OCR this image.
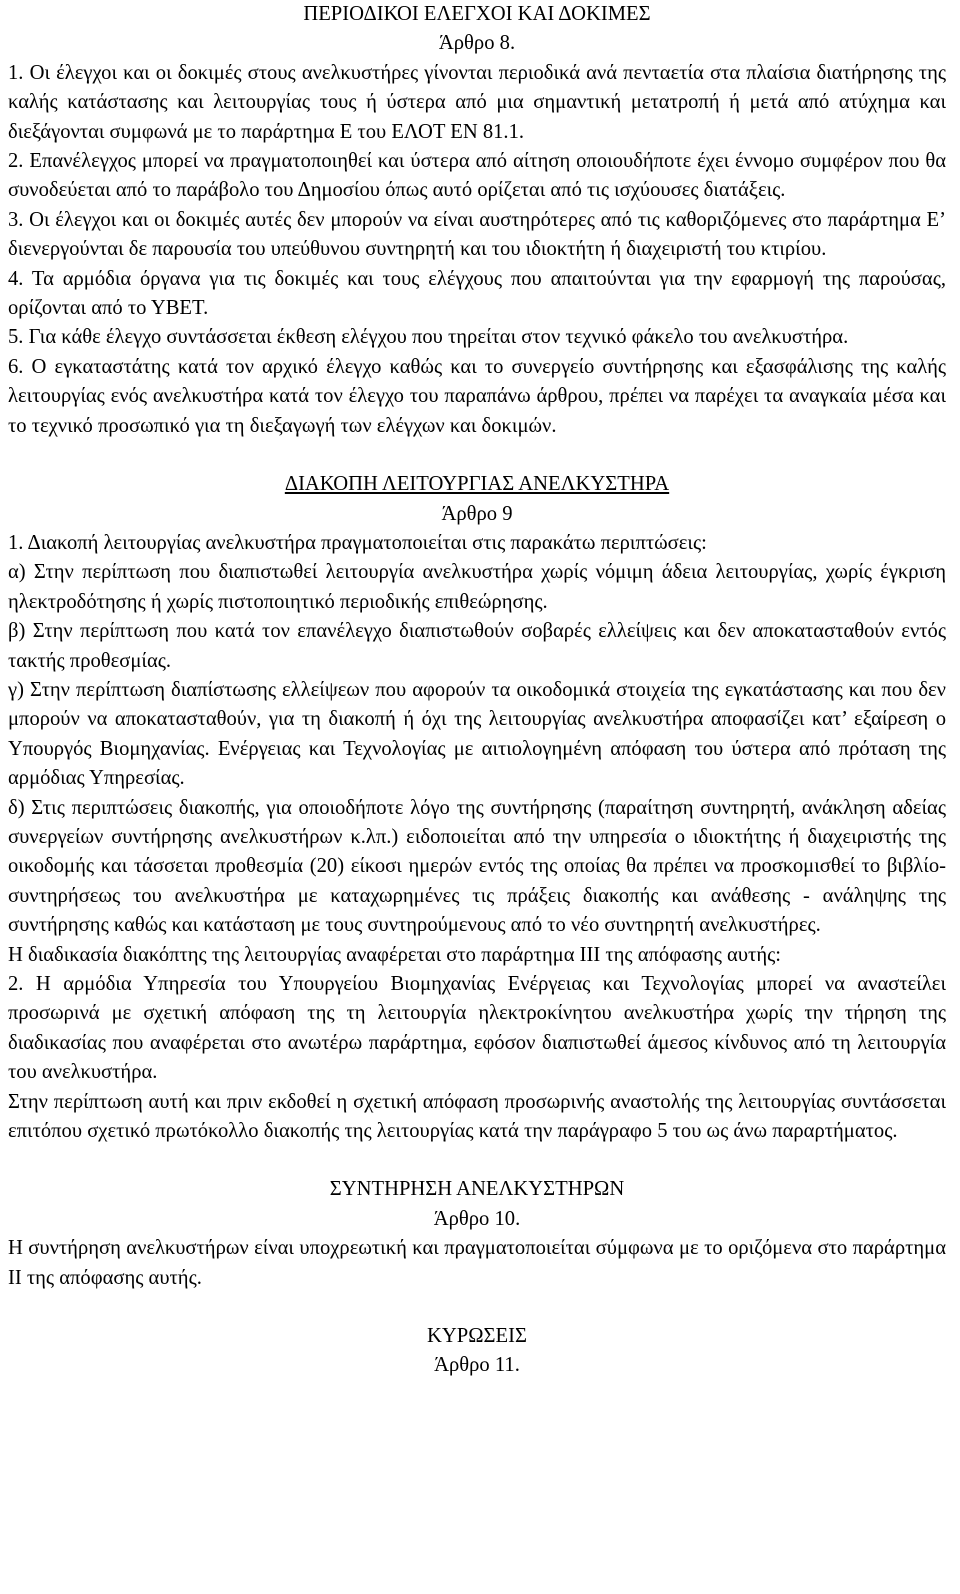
ΠΕΡΙΟΔΙΚΟΙ ΕΛΕΓΧΟΙ ΚΑΙ ΔΟΚΙΜΕΣ
Άρθρο 8.
1. Οι έλεγχοι και οι δοκιμές στους ανελκυστήρες γίνονται περιοδικά ανά πενταετία στα πλαίσια διατήρησης της καλής κατάστασης και λειτουργίας τους ή ύστερα από μια σημαντική μετατροπή ή μετά από ατύχημα και διεξάγονται συμφωνά με το παράρτημα Ε του ΕΛΟΤ ΕΝ 81.1.
2. Επανέλεγχος μπορεί να πραγματοποιηθεί και ύστερα από αίτηση οποιουδήποτε έχει έννομο συμφέρον που θα συνοδεύεται από το παράβολο του Δημοσίου όπως αυτό ορίζεται από τις ισχύουσες διατάξεις.
3. Οι έλεγχοι και οι δοκιμές αυτές δεν μπορούν να είναι αυστηρότερες από τις καθοριζόμενες στο παράρτημα Ε’ διενεργούνται δε παρουσία του υπεύθυνου συντηρητή και του ιδιοκτήτη ή διαχειριστή του κτιρίου.
4. Τα αρμόδια όργανα για τις δοκιμές και τους ελέγχους που απαιτούνται για την εφαρμογή της παρούσας, ορίζονται από το ΥΒΕΤ.
5. Για κάθε έλεγχο συντάσσεται έκθεση ελέγχου που τηρείται στον τεχνικό φάκελο του ανελκυστήρα.
6. Ο εγκαταστάτης κατά τον αρχικό έλεγχο καθώς και το συνεργείο συντήρησης και εξασφάλισης της καλής λειτουργίας ενός ανελκυστήρα κατά τον έλεγχο του παραπάνω άρθρου, πρέπει να παρέχει τα αναγκαία μέσα και το τεχνικό προσωπικό για τη διεξαγωγή των ελέγχων και δοκιμών.
ΔΙΑΚΟΠΗ ΛΕΙΤΟΥΡΓΙΑΣ ΑΝΕΛΚΥΣΤΗΡΑ
Άρθρο 9
1. Διακοπή λειτουργίας ανελκυστήρα πραγματοποιείται στις παρακάτω περιπτώσεις:
α) Στην περίπτωση που διαπιστωθεί λειτουργία ανελκυστήρα χωρίς νόμιμη άδεια λειτουργίας, χωρίς έγκριση ηλεκτροδότησης ή χωρίς πιστοποιητικό περιοδικής επιθεώρησης.
β) Στην περίπτωση που κατά τον επανέλεγχο διαπιστωθούν σοβαρές ελλείψεις και δεν αποκατασταθούν εντός τακτής προθεσμίας.
γ) Στην περίπτωση διαπίστωσης ελλείψεων που αφορούν τα οικοδομικά στοιχεία της εγκατάστασης και που δεν μπορούν να αποκατασταθούν, για τη διακοπή ή όχι της λειτουργίας ανελκυστήρα αποφασίζει κατ’ εξαίρεση ο Υπουργός Βιομηχανίας. Ενέργειας και Τεχνολογίας με αιτιολογημένη απόφαση του ύστερα από πρόταση της αρμόδιας Υπηρεσίας.
δ) Στις περιπτώσεις διακοπής, για οποιοδήποτε λόγο της συντήρησης (παραίτηση συντηρητή, ανάκληση αδείας συνεργείων συντήρησης ανελκυστήρων κ.λπ.) ειδοποιείται από την υπηρεσία ο ιδιοκτήτης ή διαχειριστής της οικοδομής και τάσσεται προθεσμία (20) είκοσι ημερών εντός της οποίας θα πρέπει να προσκομισθεί το βιβλίο-συντηρήσεως του ανελκυστήρα με καταχωρημένες τις πράξεις διακοπής και ανάθεσης - ανάληψης της συντήρησης καθώς και κατάσταση με τους συντηρούμενους από το νέο συντηρητή ανελκυστήρες.
Η διαδικασία διακόπτης της λειτουργίας αναφέρεται στο παράρτημα ΙΙΙ της απόφασης αυτής:
2. Η αρμόδια Υπηρεσία του Υπουργείου Βιομηχανίας Ενέργειας και Τεχνολογίας μπορεί να αναστείλει προσωρινά με σχετική απόφαση της τη λειτουργία ηλεκτροκίνητου ανελκυστήρα χωρίς την τήρηση της διαδικασίας που αναφέρεται στο ανωτέρω παράρτημα, εφόσον διαπιστωθεί άμεσος κίνδυνος από τη λειτουργία του ανελκυστήρα.
Στην περίπτωση αυτή και πριν εκδοθεί η σχετική απόφαση προσωρινής αναστολής της λειτουργίας συντάσσεται επιτόπου σχετικό πρωτόκολλο διακοπής της λειτουργίας κατά την παράγραφο 5 του ως άνω παραρτήματος.
ΣΥΝΤΗΡΗΣΗ ΑΝΕΛΚΥΣΤΗΡΩΝ
Άρθρο 10.
Η συντήρηση ανελκυστήρων είναι υποχρεωτική και πραγματοποιείται σύμφωνα με το οριζόμενα στο παράρτημα ΙΙ της απόφασης αυτής.
ΚΥΡΩΣΕΙΣ
Άρθρο 11.
